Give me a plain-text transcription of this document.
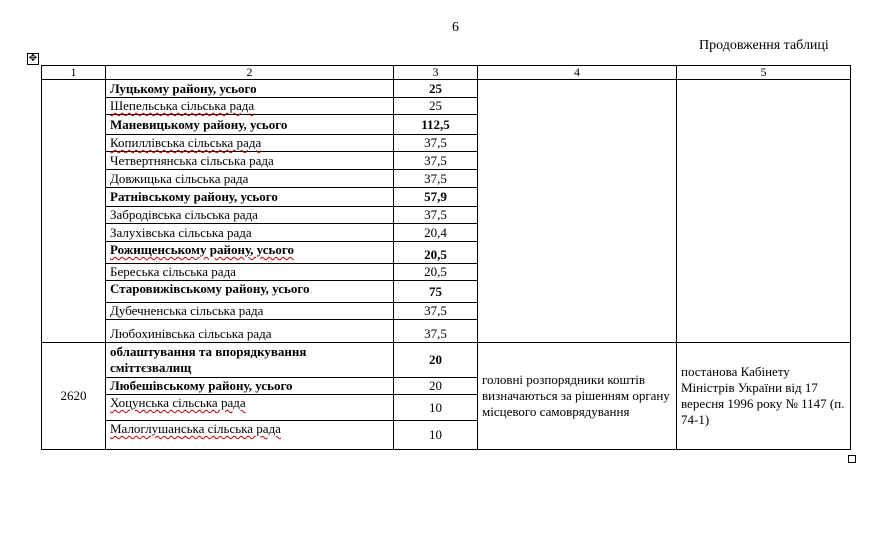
6
Продовження таблиці
✥
1	2	3	4	5
	Луцькому району, усього	25		
	Шепельська сільська рада	25		
	Маневицькому району, усього	112,5		
	Копиллівська сільська рада	37,5		
	Четвертнянська сільська рада	37,5		
	Довжицька сільська рада	37,5		
	Ратнівському району, усього	57,9		
	Забродівська сільська рада	37,5		
	Залухівська сільська рада	20,4		
	Рожищенському району, усього	20,5		
	Береська сільська рада	20,5		
	Старовижівському району, усього	75		
	Дубечненська сільська рада	37,5		
	Любохинівська сільська рада	37,5		
2620	облаштування та впорядкування сміттєзвалищ	20	головні розпорядники коштів визначаються за рішенням органу місцевого самоврядування	постанова Кабінету Міністрів України від 17 вересня 1996 року № 1147 (п. 74-1)
	Любешівському району, усього	20		
	Хоцунська сільська рада	10		
	Малоглушанська сільська рада	10		
